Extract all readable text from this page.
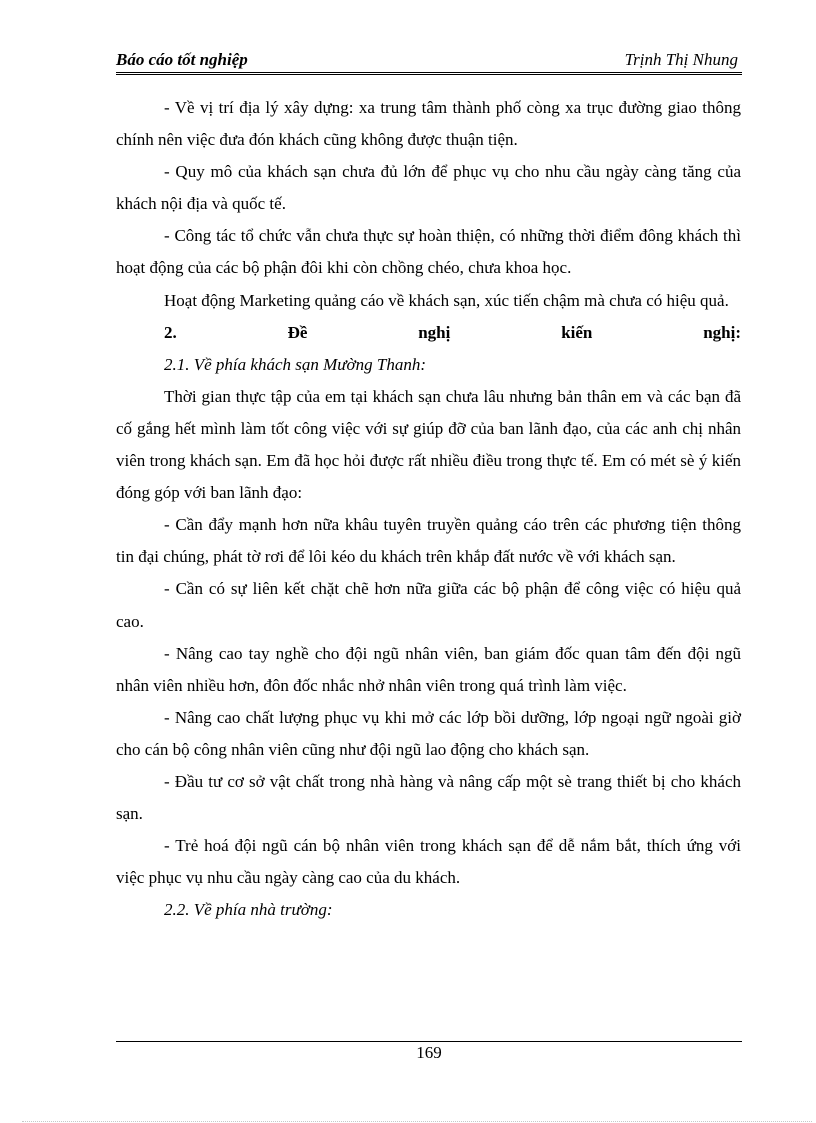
Báo cáo tốt nghiệp	Trịnh Thị Nhung

- Về vị trí địa lý xây dựng: xa trung tâm thành phố còng xa trục đường giao thông chính nên việc đưa đón khách cũng không được thuận tiện.

- Quy mô của khách sạn chưa đủ lớn để phục vụ cho nhu cầu ngày càng tăng của khách nội địa và quốc tế.

- Công tác tổ chức vẫn chưa thực sự hoàn thiện, có những thời điểm đông khách thì hoạt động của các bộ phận đôi khi còn chồng chéo, chưa khoa học.

Hoạt động Marketing quảng cáo về khách sạn, xúc tiến chậm mà chưa có hiệu quả.

2. Đề nghị kiến nghị:

2.1. Về phía khách sạn Mường Thanh:

Thời gian thực tập của em tại khách sạn chưa lâu nhưng bản thân em và các bạn đã cố gắng hết mình làm tốt công việc với sự giúp đỡ của ban lãnh đạo, của các anh chị nhân viên trong khách sạn. Em đã học hỏi được rất nhiều điều trong thực tế. Em có mét sè ý kiến đóng góp với ban lãnh đạo:

- Cần đẩy mạnh hơn nữa khâu tuyên truyền quảng cáo trên các phương tiện thông tin đại chúng, phát tờ rơi để lôi kéo du khách trên khắp đất nước về với khách sạn.

- Cần có sự liên kết chặt chẽ hơn nữa giữa các bộ phận để công việc có hiệu quả cao.

- Nâng cao tay nghề cho đội ngũ nhân viên, ban giám đốc quan tâm đến đội ngũ nhân viên nhiều hơn, đôn đốc nhắc nhở nhân viên trong quá trình làm việc.

- Nâng cao chất lượng phục vụ khi mở các lớp bồi dưỡng, lớp ngoại ngữ ngoài giờ cho cán bộ công nhân viên cũng như đội ngũ lao động cho khách sạn.

- Đầu tư cơ sở vật chất trong nhà hàng và nâng cấp một sè trang thiết bị cho khách sạn.

- Trẻ hoá đội ngũ cán bộ nhân viên trong khách sạn để dễ nắm bắt, thích ứng với việc phục vụ nhu cầu ngày càng cao của du khách.

2.2. Về phía nhà trường:

169
